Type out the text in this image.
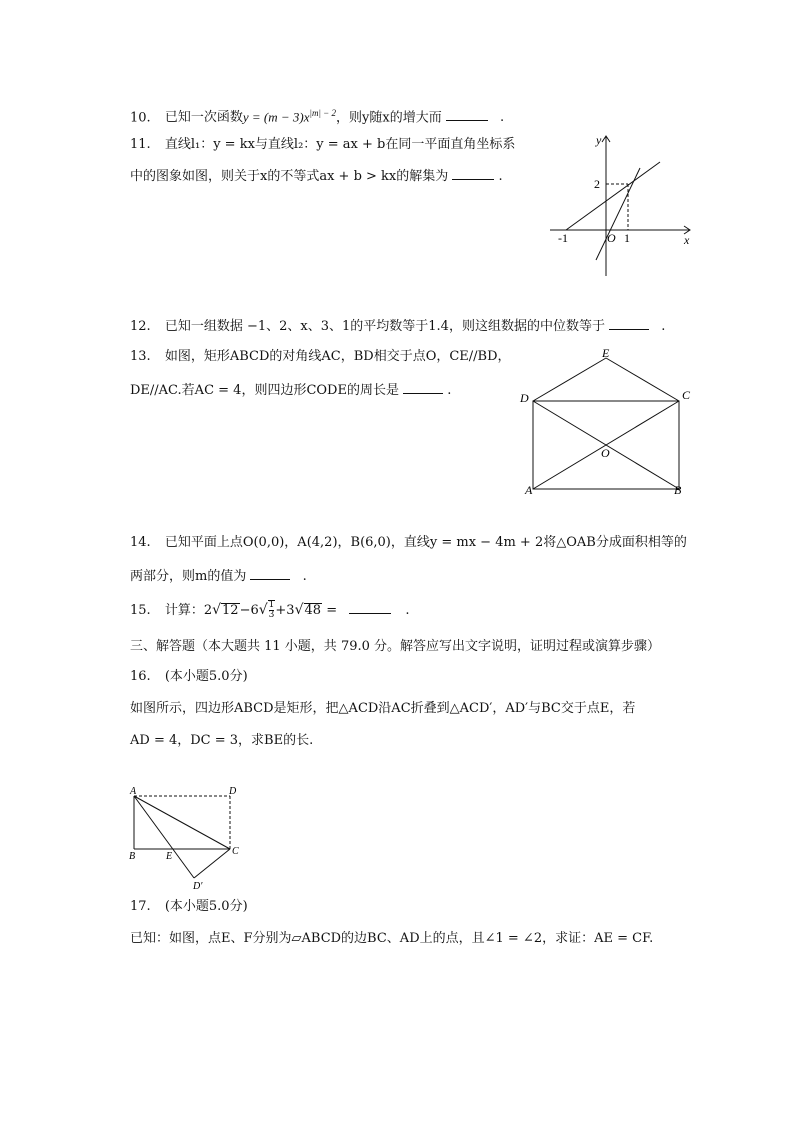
10. 已知一次函数$y = (m - 3)x^{|m| - 2}$，则y随x的增大而	.
11. 直线l₁：y = kx与直线l₂：y = ax + b在同一平面直角坐标系
中的图象如图，则关于x的不等式ax + b > kx的解集为	.
y
x
2
-1	O 1
12. 已知一组数据 −1、2、x、3、1的平均数等于1.4，则这组数据的中位数等于	.
13. 如图，矩形ABCD的对角线AC，BD相交于点O，CE//BD，
DE//AC.若AC = 4，则四边形CODE的周长是	.
E
D	C
O
A	B
14. 已知平面上点O(0,0)，A(4,2)，B(6,0)，直线y = mx − 4m + 2将△OAB分成面积相等的
两部分，则m的值为	.
15. 计算：$2√12-6√ \frac{1}{3} +3√48$ =	.
三、解答题（本大题共 11 小题，共 79.0 分。解答应写出文字说明，证明过程或演算步骤）
16. (本小题5.0分)
如图所示，四边形ABCD是矩形，把△ACD沿AC折叠到△ACD′，AD′与BC交于点E，若
AD = 4，DC = 3，求BE的长.
A	D
B	E	C
D′
17. (本小题5.0分)
已知：如图，点E、F分别为▱ABCD的边BC、AD上的点，且∠1 = ∠2，求证：AE = CF.
